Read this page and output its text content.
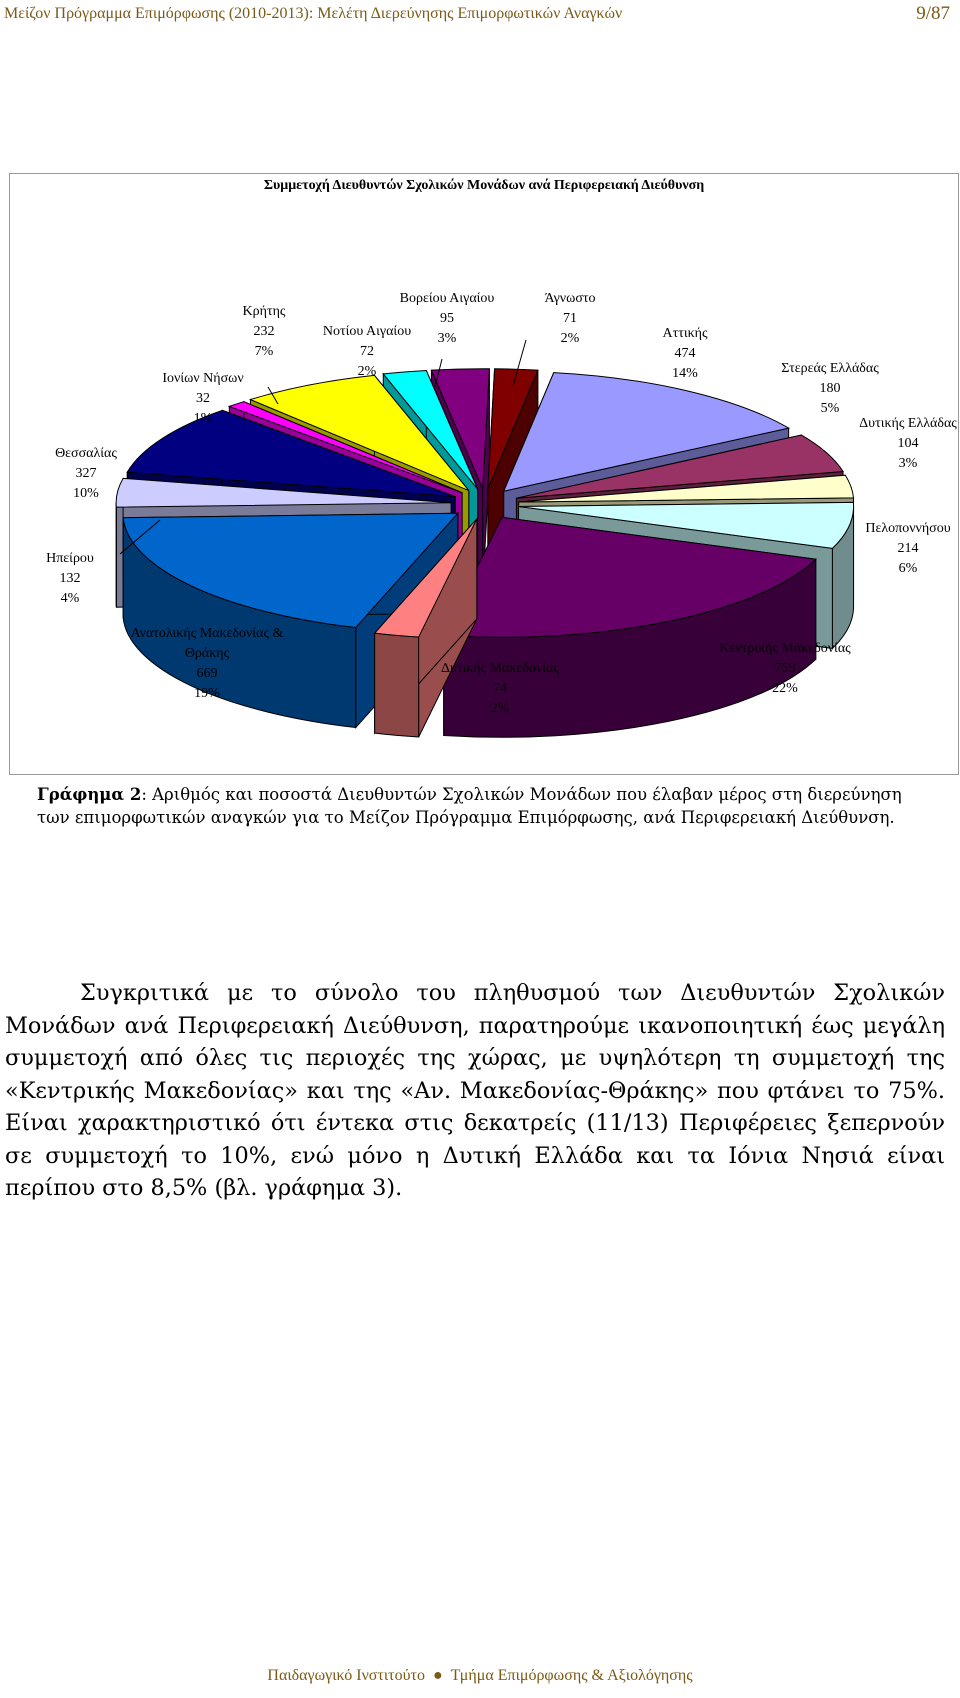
Μείζον Πρόγραμμα Επιμόρφωσης (2010-2013): Μελέτη Διερεύνησης Επιμορφωτικών Αναγκών	9/87
Συμμετοχή Διευθυντών Σχολικών Μονάδων ανά Περιφερειακή Διεύθυνση
Άγνωστο
71
2%	Αττικής
474
14%	Στερεάς Ελλάδας
180
5%
Δυτικής Ελλάδας
104
3%
Πελοποννήσου
214
6%
Κεντρικής Μακεδονίας
759
22%
Δυτικής Μακεδονίας
74
2%
Ανατολικής Μακεδονίας & Θράκης
669
19%
Ηπείρου
132
4%
Θεσσαλίας
327
10%
Ιονίων Νήσων
32
1%
Κρήτης
232
7%
Νοτίου Αιγαίου
72
2%
Βορείου Αιγαίου
95
3%
Γράφημα 2: Αριθμός και ποσοστά Διευθυντών Σχολικών Μονάδων που έλαβαν μέρος στη διερεύνηση των επιμορφωτικών αναγκών για το Μείζον Πρόγραμμα Επιμόρφωσης, ανά Περιφερειακή Διεύθυνση.
Συγκριτικά με το σύνολο του πληθυσμού των Διευθυντών Σχολικών Μονάδων ανά Περιφερειακή Διεύθυνση, παρατηρούμε ικανοποιητική έως μεγάλη συμμετοχή από όλες τις περιοχές της χώρας, με υψηλότερη τη συμμετοχή της «Κεντρικής Μακεδονίας» και της «Αν. Μακεδονίας-Θράκης» που φτάνει το 75%. Είναι χαρακτηριστικό ότι έντεκα στις δεκατρείς (11/13) Περιφέρειες ξεπερνούν σε συμμετοχή το 10%, ενώ μόνο η Δυτική Ελλάδα και τα Ιόνια Νησιά είναι περίπου στο 8,5% (βλ. γράφημα 3).
Παιδαγωγικό Ινστιτούτο ● Τμήμα Επιμόρφωσης & Αξιολόγησης
